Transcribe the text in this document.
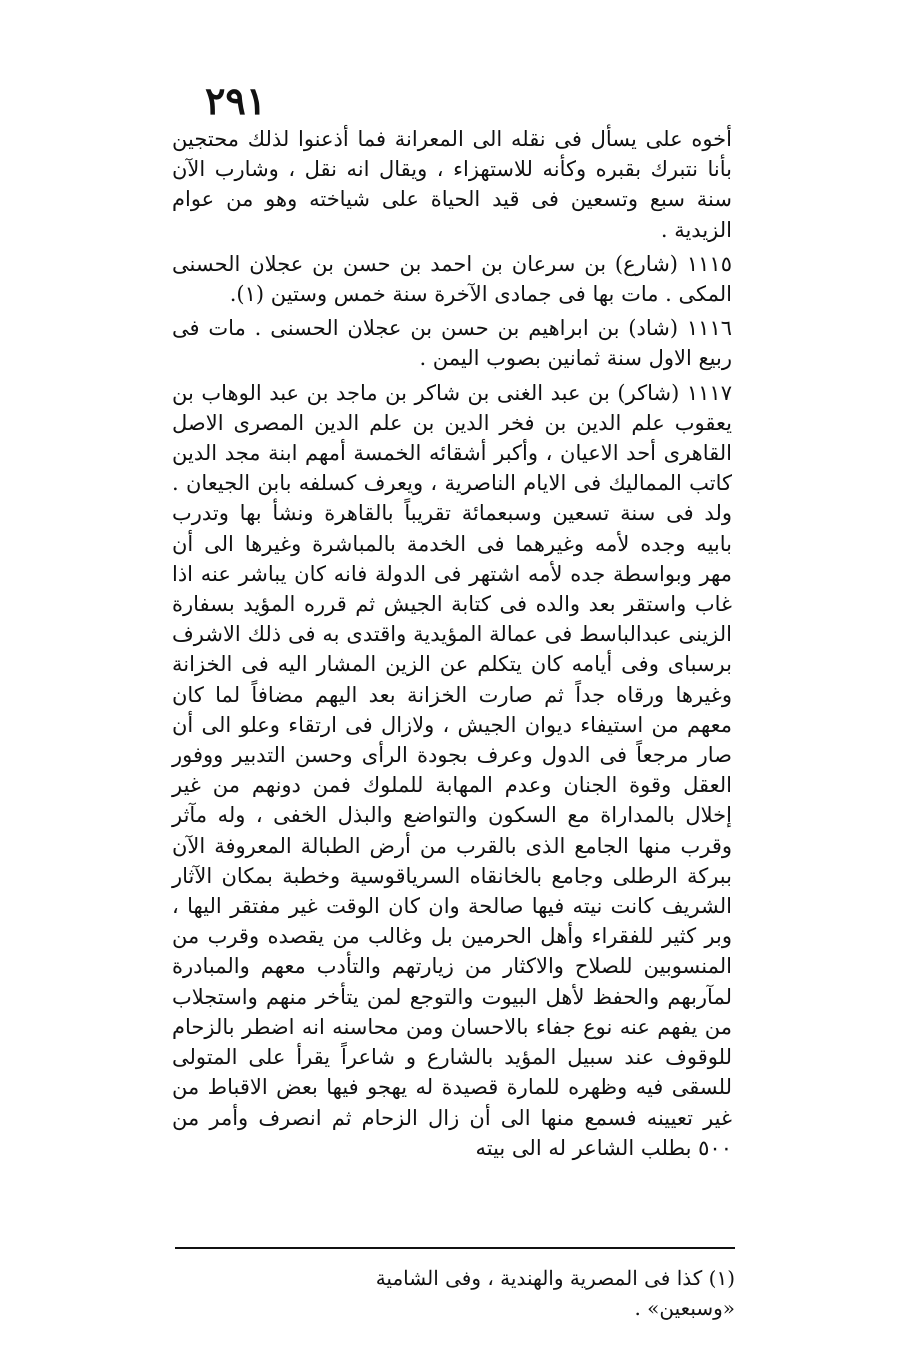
٢٩١

أخوه على يسأل فى نقله الى المعرانة فما أذعنوا لذلك محتجين بأنا نتبرك بقبره وكأنه للاستهزاء ، ويقال انه نقل ، وشارب الآن سنة سبع وتسعين فى قيد الحياة على شياخته وهو من عوام الزيدية .

١١١٥ (شارع) بن سرعان بن احمد بن حسن بن عجلان الحسنى المكى . مات بها فى جمادى الآخرة سنة خمس وستين (١).

١١١٦ (شاد) بن ابراهيم بن حسن بن عجلان الحسنى . مات فى ربيع الاول سنة ثمانين بصوب اليمن .

١١١٧ (شاكر) بن عبد الغنى بن شاكر بن ماجد بن عبد الوهاب بن يعقوب علم الدين بن فخر الدين بن علم الدين المصرى الاصل القاهرى أحد الاعيان ، وأكبر أشقائه الخمسة أمهم ابنة مجد الدين كاتب المماليك فى الايام الناصرية ، ويعرف كسلفه بابن الجيعان . ولد فى سنة تسعين وسبعمائة تقريباً بالقاهرة ونشأ بها وتدرب بابيه وجده لأمه وغيرهما فى الخدمة بالمباشرة وغيرها الى أن مهر وبواسطة جده لأمه اشتهر فى الدولة فانه كان يباشر عنه اذا غاب واستقر بعد والده فى كتابة الجيش ثم قرره المؤيد بسفارة الزينى عبدالباسط فى عمالة المؤيدية واقتدى به فى ذلك الاشرف برسباى وفى أيامه كان يتكلم عن الزين المشار اليه فى الخزانة وغيرها ورقاه جداً ثم صارت الخزانة بعد اليهم مضافاً لما كان معهم من استيفاء ديوان الجيش ، ولازال فى ارتقاء وعلو الى أن صار مرجعاً فى الدول وعرف بجودة الرأى وحسن التدبير ووفور العقل وقوة الجنان وعدم المهابة للملوك فمن دونهم من غير إخلال بالمداراة مع السكون والتواضع والبذل الخفى ، وله مآثر وقرب منها الجامع الذى بالقرب من أرض الطبالة المعروفة الآن ببركة الرطلى وجامع بالخانقاه السرياقوسية وخطبة بمكان الآثار الشريف كانت نيته فيها صالحة وان كان الوقت غير مفتقر اليها ، وبر كثير للفقراء وأهل الحرمين بل وغالب من يقصده وقرب من المنسوبين للصلاح والاكثار من زيارتهم والتأدب معهم والمبادرة لمآربهم والحفظ لأهل البيوت والتوجع لمن يتأخر منهم واستجلاب من يفهم عنه نوع جفاء بالاحسان ومن محاسنه انه اضطر بالزحام للوقوف عند سبيل المؤيد بالشارع و شاعراً يقرأ على المتولى للسقى فيه وظهره للمارة قصيدة له يهجو فيها بعض الاقباط من غير تعيينه فسمع منها الى أن زال الزحام ثم انصرف وأمر من ٥٠٠ بطلب الشاعر له الى بيته

(١) كذا فى المصرية والهندية ، وفى الشامية «وسبعين» .
